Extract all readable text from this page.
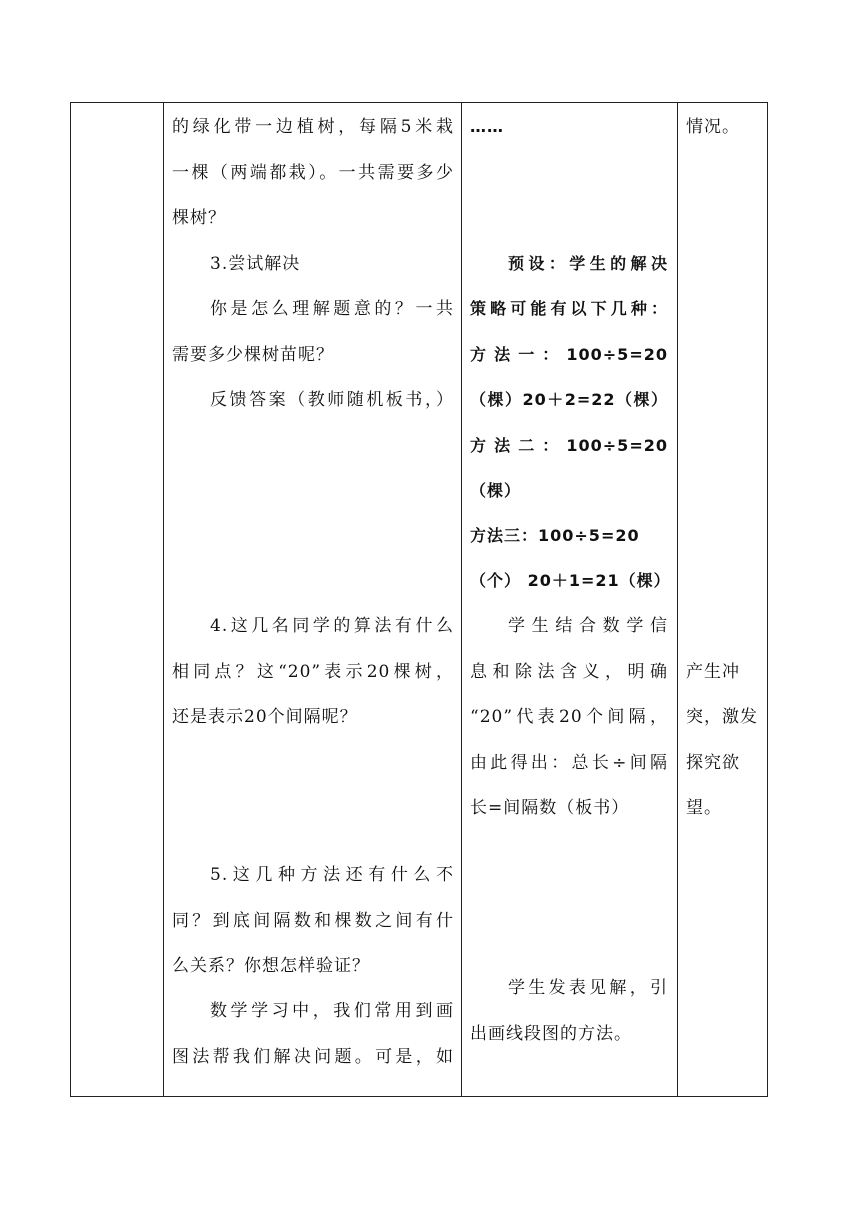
的绿化带一边植树，每隔5米栽
一棵（两端都栽）。一共需要多少
棵树？
3.尝试解决
你是怎么理解题意的？一共
需要多少棵树苗呢？
反馈答案（教师随机板书，）
4.这几名同学的算法有什么
相同点？这“20”表示20棵树，
还是表示20个间隔呢？
5.这几种方法还有什么不
同？到底间隔数和棵数之间有什
么关系？你想怎样验证？
数学学习中，我们常用到画
图法帮我们解决问题。可是，如
……
预设：学生的解决
策略可能有以下几种：
方法一：100÷5=20
（棵）20＋2=22（棵）
方法二：100÷5=20
（棵）
方法三：100÷5=20
（个） 20＋1=21（棵）
学生结合数学信
息和除法含义，明确
“20”代表20个间隔，
由此得出：总长÷间隔
长=间隔数（板书）
学生发表见解，引
出画线段图的方法。
情况。
产生冲
突，激发
探究欲
望。
